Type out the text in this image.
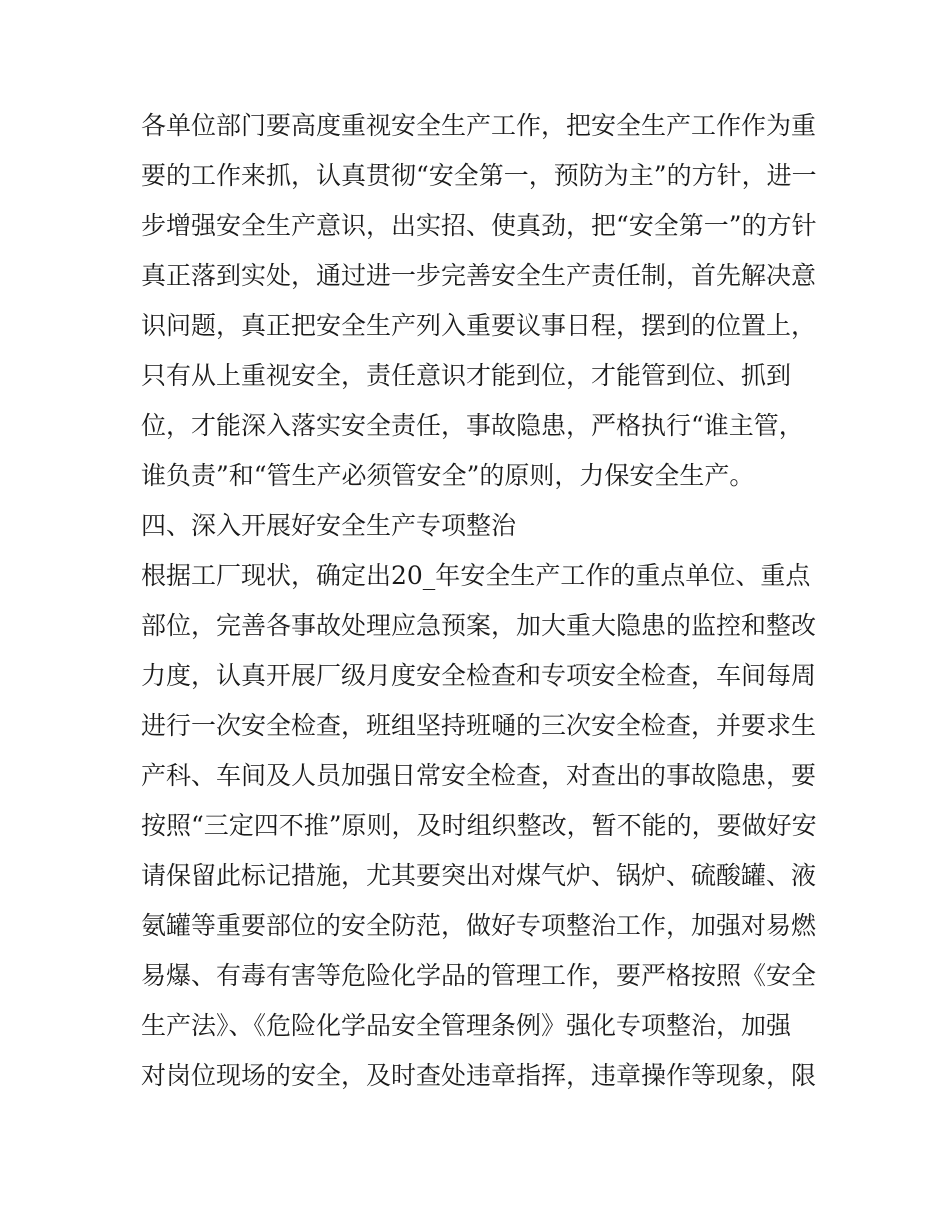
各单位部门要高度重视安全生产工作，把安全生产工作作为重
要的工作来抓，认真贯彻“安全第一，预防为主”的方针，进一
步增强安全生产意识，出实招、使真劲，把“安全第一”的方针
真正落到实处，通过进一步完善安全生产责任制，首先解决意
识问题，真正把安全生产列入重要议事日程，摆到的位置上，
只有从上重视安全，责任意识才能到位，才能管到位、抓到
位，才能深入落实安全责任，事故隐患，严格执行“谁主管，
谁负责”和“管生产必须管安全”的原则，力保安全生产。
四、深入开展好安全生产专项整治
根据工厂现状，确定出20_年安全生产工作的重点单位、重点
部位，完善各事故处理应急预案，加大重大隐患的监控和整改
力度，认真开展厂级月度安全检查和专项安全检查，车间每周
进行一次安全检查，班组坚持班嗵的三次安全检查，并要求生
产科、车间及人员加强日常安全检查，对查出的事故隐患，要
按照“三定四不推”原则，及时组织整改，暂不能的，要做好安
请保留此标记措施，尤其要突出对煤气炉、锅炉、硫酸罐、液
氨罐等重要部位的安全防范，做好专项整治工作，加强对易燃
易爆、有毒有害等危险化学品的管理工作，要严格按照《安全
生产法》、《危险化学品安全管理条例》强化专项整治，加强
对岗位现场的安全，及时查处违章指挥，违章操作等现象，限
